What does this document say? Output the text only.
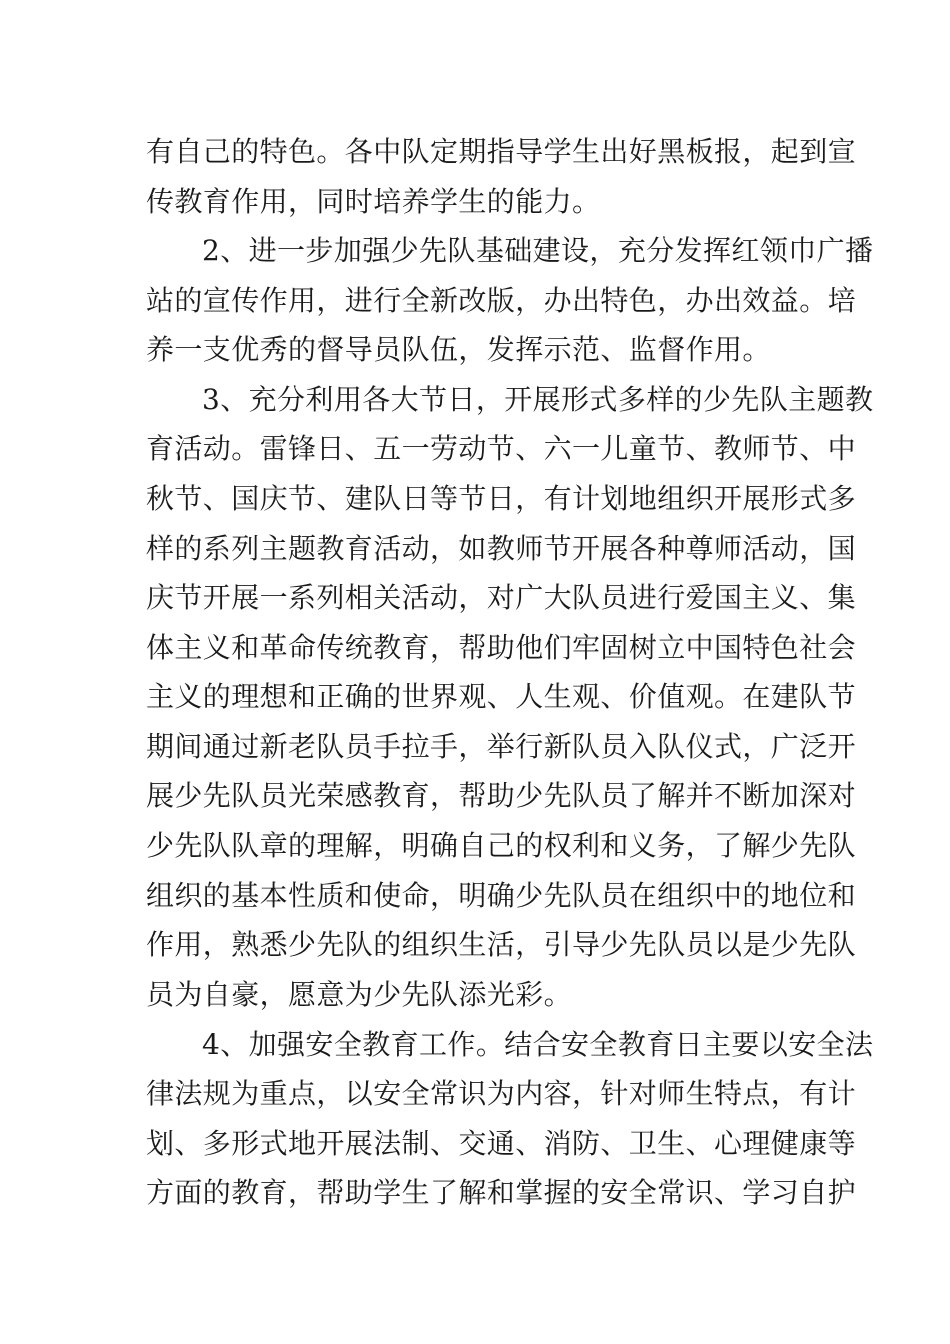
有自己的特色。各中队定期指导学生出好黑板报，起到宣
传教育作用，同时培养学生的能力。
2、进一步加强少先队基础建设，充分发挥红领巾广播
站的宣传作用，进行全新改版，办出特色，办出效益。培
养一支优秀的督导员队伍，发挥示范、监督作用。
3、充分利用各大节日，开展形式多样的少先队主题教
育活动。雷锋日、五一劳动节、六一儿童节、教师节、中
秋节、国庆节、建队日等节日，有计划地组织开展形式多
样的系列主题教育活动，如教师节开展各种尊师活动，国
庆节开展一系列相关活动，对广大队员进行爱国主义、集
体主义和革命传统教育，帮助他们牢固树立中国特色社会
主义的理想和正确的世界观、人生观、价值观。在建队节
期间通过新老队员手拉手，举行新队员入队仪式，广泛开
展少先队员光荣感教育，帮助少先队员了解并不断加深对
少先队队章的理解，明确自己的权利和义务，了解少先队
组织的基本性质和使命，明确少先队员在组织中的地位和
作用，熟悉少先队的组织生活，引导少先队员以是少先队
员为自豪，愿意为少先队添光彩。
4、加强安全教育工作。结合安全教育日主要以安全法
律法规为重点，以安全常识为内容，针对师生特点，有计
划、多形式地开展法制、交通、消防、卫生、心理健康等
方面的教育，帮助学生了解和掌握的安全常识、学习自护
